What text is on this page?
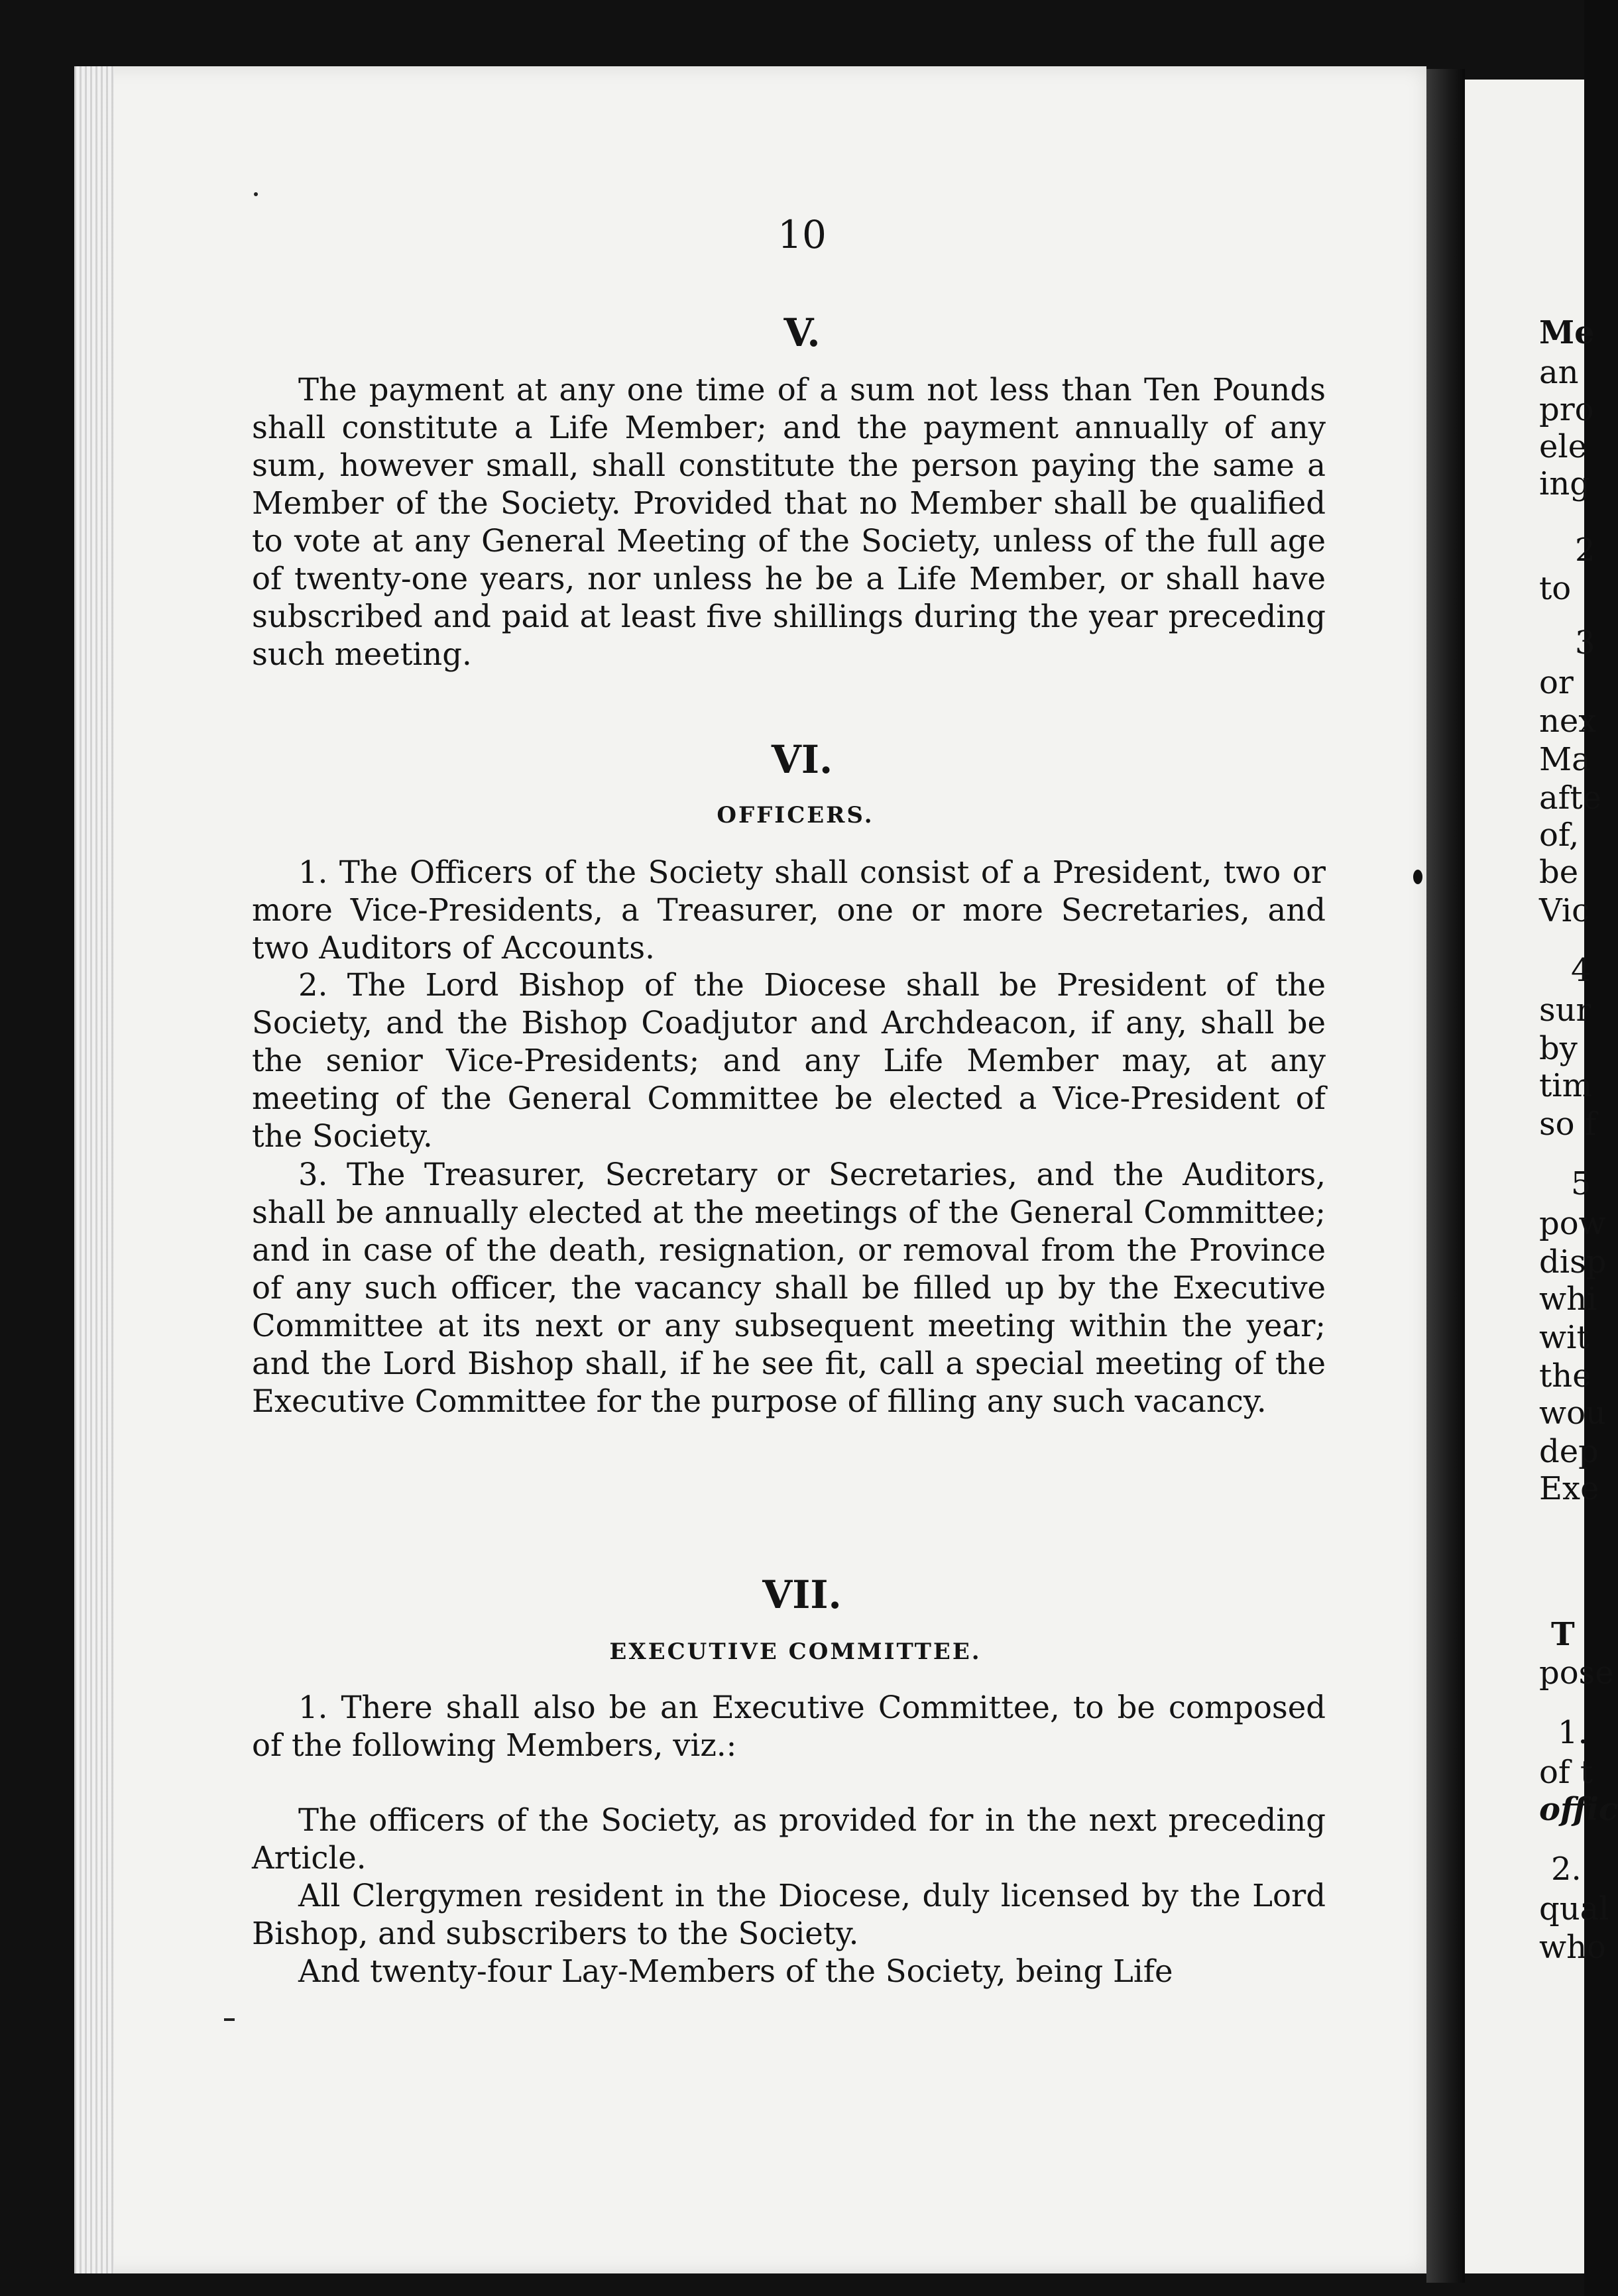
10
V.
The payment at any one time of a sum not less than Ten Pounds shall constitute a Life Member; and the payment annually of any sum, however small, shall constitute the person paying the same a Member of the Society. Provided that no Member shall be qualified to vote at any General Meeting of the Society, unless of the full age of twenty-one years, nor unless he be a Life Member, or shall have subscribed and paid at least five shillings during the year preceding such meeting.
VI.
OFFICERS.
1. The Officers of the Society shall consist of a President, two or more Vice-Presidents, a Treasurer, one or more Secretaries, and two Auditors of Accounts.
2. The Lord Bishop of the Diocese shall be President of the Society, and the Bishop Coadjutor and Archdeacon, if any, shall be the senior Vice-Presidents; and any Life Member may, at any meeting of the General Committee be elected a Vice-President of the Society.
3. The Treasurer, Secretary or Secretaries, and the Auditors, shall be annually elected at the meetings of the General Committee; and in case of the death, resignation, or removal from the Province of any such officer, the vacancy shall be filled up by the Executive Committee at its next or any subsequent meeting within the year; and the Lord Bishop shall, if he see fit, call a special meeting of the Executive Committee for the purpose of filling any such vacancy.
VII.
EXECUTIVE COMMITTEE.
1. There shall also be an Executive Committee, to be composed of the following Members, viz.:
The officers of the Society, as provided for in the next preceding Article.
All Clergymen resident in the Diocese, duly licensed by the Lord Bishop, and subscribers to the Society.
And twenty-four Lay-Members of the Society, being Life
Me
an
pro
ele
ing
2
to
3
or
nex
Ma
afte
of,
be
Vic
4
sur
by
tim
so f
5
pow
disp
whi
wit
the
wou
dep
Exe
T
pose
1.
of t
offic
2.
qual
who
